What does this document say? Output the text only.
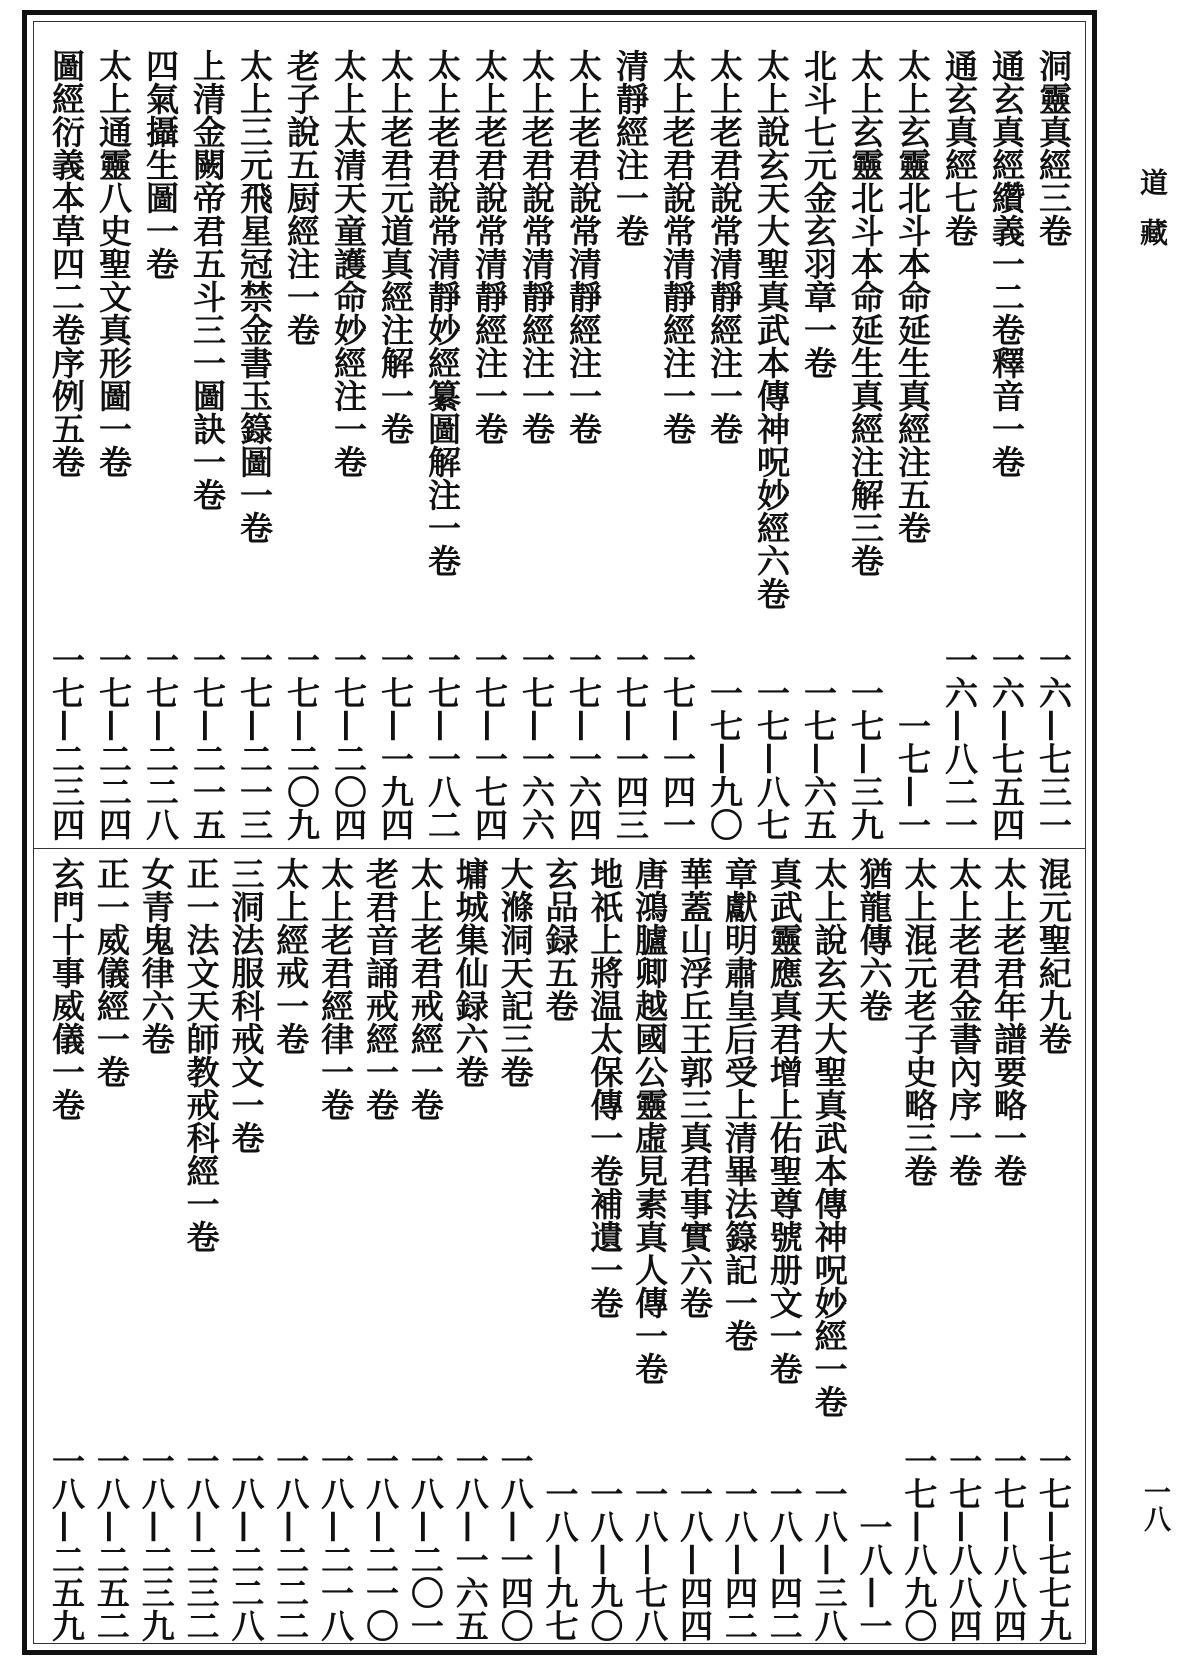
道藏
一八
洞靈真經三卷
一六—七三一
通玄真經纘義一二卷釋音一卷
一六—七五四
通玄真經七卷
一六—八二一
太上玄靈北斗本命延生真經注五卷
一七—一
太上玄靈北斗本命延生真經注解三卷
一七—三九
北斗七元金玄羽章一卷
一七—六五
太上說玄天大聖真武本傳神呪妙經六卷
一七—八七
太上老君說常清靜經注一卷
一七—九〇
太上老君說常清靜經注一卷
一七—一四一
清靜經注一卷
一七—一四三
太上老君說常清靜經注一卷
一七—一六四
太上老君說常清靜經注一卷
一七—一六六
太上老君說常清靜經注一卷
一七—一七四
太上老君說常清靜妙經纂圖解注一卷
一七—一八二
太上老君元道真經注解一卷
一七—一九四
太上太清天童護命妙經注一卷
一七—二〇四
老子說五厨經注一卷
一七—二〇九
太上三元飛星冠禁金書玉籙圖一卷
一七—二一三
上清金闕帝君五斗三一圖訣一卷
一七—二一五
四氣攝生圖一卷
一七—二二八
太上通靈八史聖文真形圖一卷
一七—二二四
圖經衍義本草四二卷序例五卷
一七—二三四
混元聖紀九卷
一七—七七九
太上老君年譜要略一卷
一七—八八四
太上老君金書內序一卷
一七—八八四
太上混元老子史略三卷
一七—八九〇
猶龍傳六卷
一八—一
太上說玄天大聖真武本傳神呪妙經一卷
一八—三八
真武靈應真君增上佑聖尊號册文一卷
一八—四二
章獻明肅皇后受上清畢法籙記一卷
一八—四二
華蓋山浮丘王郭三真君事實六卷
一八—四四
唐鴻臚卿越國公靈虛見素真人傳一卷
一八—七八
地祇上將温太保傳一卷補遺一卷
一八—九〇
玄品録五卷
一八—九七
大滌洞天記三卷
一八—一四〇
墉城集仙録六卷
一八—一六五
太上老君戒經一卷
一八—二〇一
老君音誦戒經一卷
一八—二一〇
太上老君經律一卷
一八—二一八
太上經戒一卷
一八—二二二
三洞法服科戒文一卷
一八—二二八
正一法文天師教戒科經一卷
一八—二三二
女青鬼律六卷
一八—二三九
正一威儀經一卷
一八—二五二
玄門十事威儀一卷
一八—二五九
